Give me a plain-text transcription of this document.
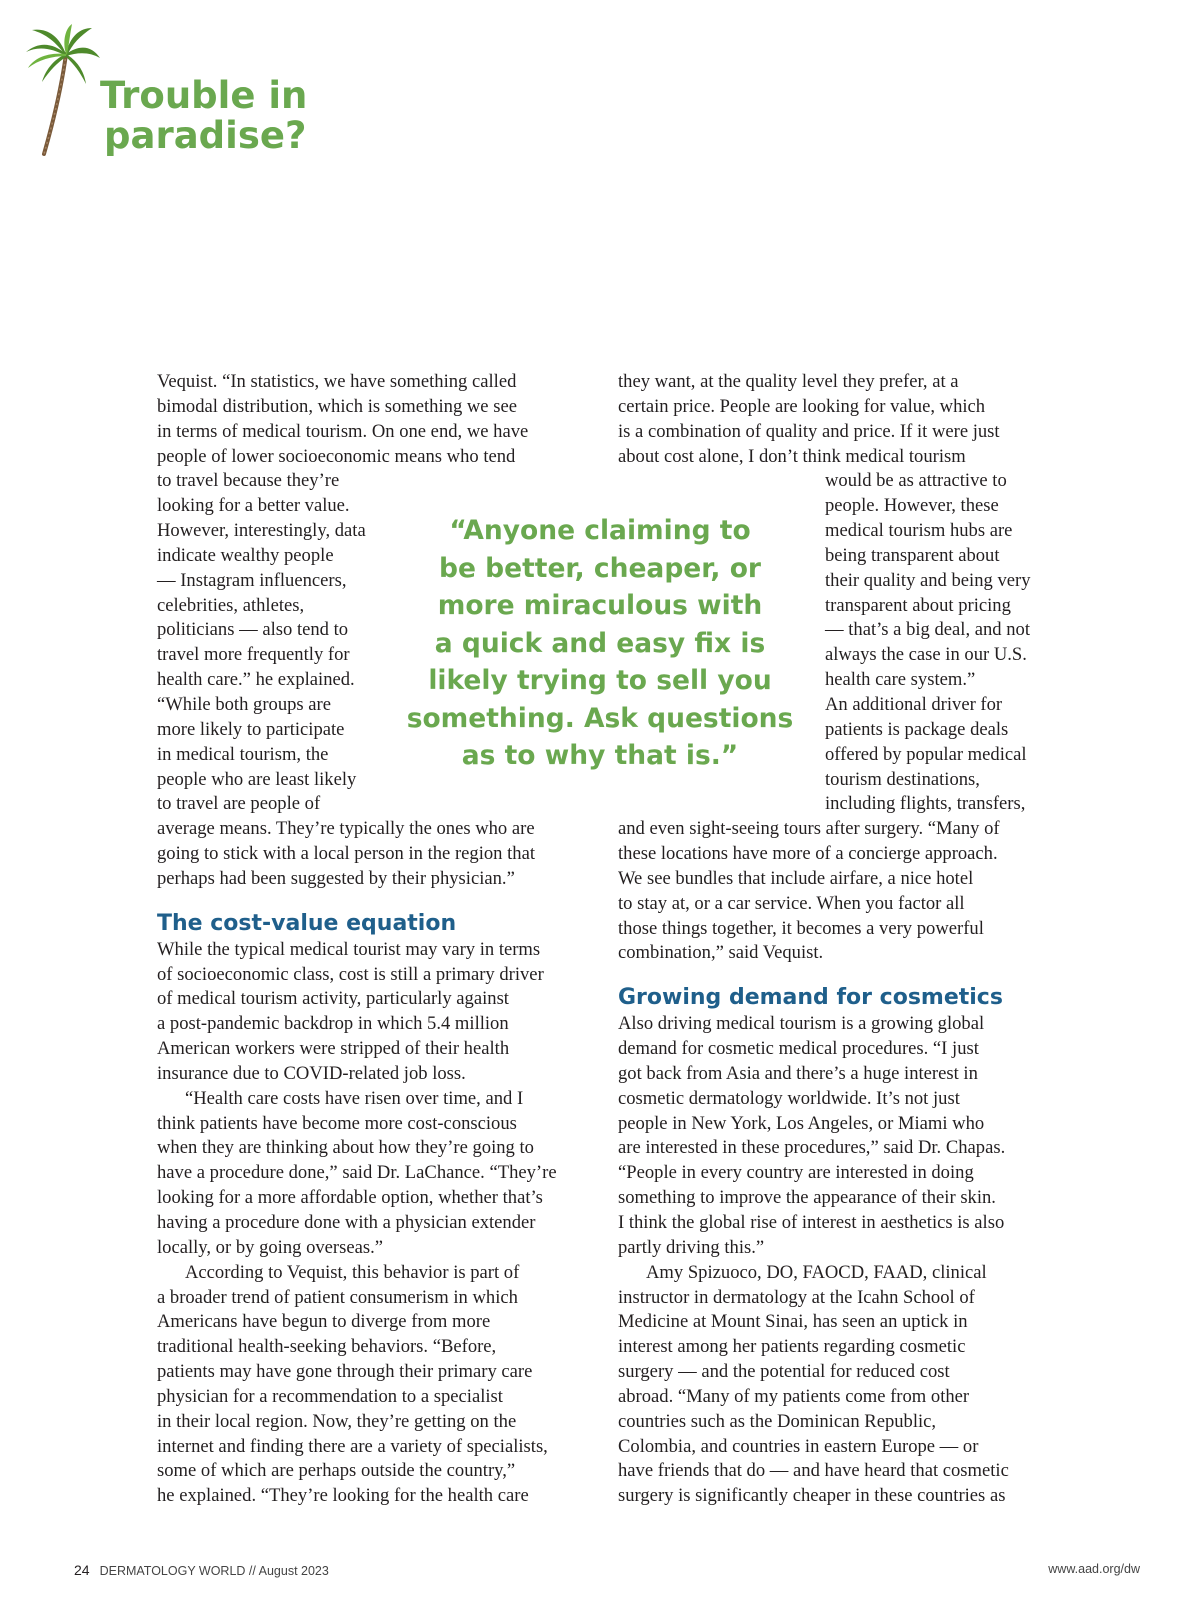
Trouble in
paradise?
Vequist. “In statistics, we have something called
bimodal distribution, which is something we see
in terms of medical tourism. On one end, we have
people of lower socioeconomic means who tend
to travel because they’re
looking for a better value.
However, interestingly, data
indicate wealthy people
— Instagram influencers,
celebrities, athletes,
politicians — also tend to
travel more frequently for
health care.” he explained.
“While both groups are
more likely to participate
in medical tourism, the
people who are least likely
to travel are people of
average means. They’re typically the ones who are
going to stick with a local person in the region that
perhaps had been suggested by their physician.”
The cost-value equation
While the typical medical tourist may vary in terms
of socioeconomic class, cost is still a primary driver
of medical tourism activity, particularly against
a post-pandemic backdrop in which 5.4 million
American workers were stripped of their health
insurance due to COVID-related job loss.
“Health care costs have risen over time, and I
think patients have become more cost-conscious
when they are thinking about how they’re going to
have a procedure done,” said Dr. LaChance. “They’re
looking for a more affordable option, whether that’s
having a procedure done with a physician extender
locally, or by going overseas.”
According to Vequist, this behavior is part of
a broader trend of patient consumerism in which
Americans have begun to diverge from more
traditional health-seeking behaviors. “Before,
patients may have gone through their primary care
physician for a recommendation to a specialist
in their local region. Now, they’re getting on the
internet and finding there are a variety of specialists,
some of which are perhaps outside the country,”
he explained. “They’re looking for the health care
“Anyone claiming to
be better, cheaper, or
more miraculous with
a quick and easy fix is
likely trying to sell you
something. Ask questions
as to why that is.”
they want, at the quality level they prefer, at a
certain price. People are looking for value, which
is a combination of quality and price. If it were just
about cost alone, I don’t think medical tourism
would be as attractive to
people. However, these
medical tourism hubs are
being transparent about
their quality and being very
transparent about pricing
— that’s a big deal, and not
always the case in our U.S.
health care system.”
An additional driver for
patients is package deals
offered by popular medical
tourism destinations,
including flights, transfers,
and even sight-seeing tours after surgery. “Many of
these locations have more of a concierge approach.
We see bundles that include airfare, a nice hotel
to stay at, or a car service. When you factor all
those things together, it becomes a very powerful
combination,” said Vequist.
Growing demand for cosmetics
Also driving medical tourism is a growing global
demand for cosmetic medical procedures. “I just
got back from Asia and there’s a huge interest in
cosmetic dermatology worldwide. It’s not just
people in New York, Los Angeles, or Miami who
are interested in these procedures,” said Dr. Chapas.
“People in every country are interested in doing
something to improve the appearance of their skin.
I think the global rise of interest in aesthetics is also
partly driving this.”
Amy Spizuoco, DO, FAOCD, FAAD, clinical
instructor in dermatology at the Icahn School of
Medicine at Mount Sinai, has seen an uptick in
interest among her patients regarding cosmetic
surgery — and the potential for reduced cost
abroad. “Many of my patients come from other
countries such as the Dominican Republic,
Colombia, and countries in eastern Europe — or
have friends that do — and have heard that cosmetic
surgery is significantly cheaper in these countries as
24 DERMATOLOGY WORLD // August 2023	www.aad.org/dw
